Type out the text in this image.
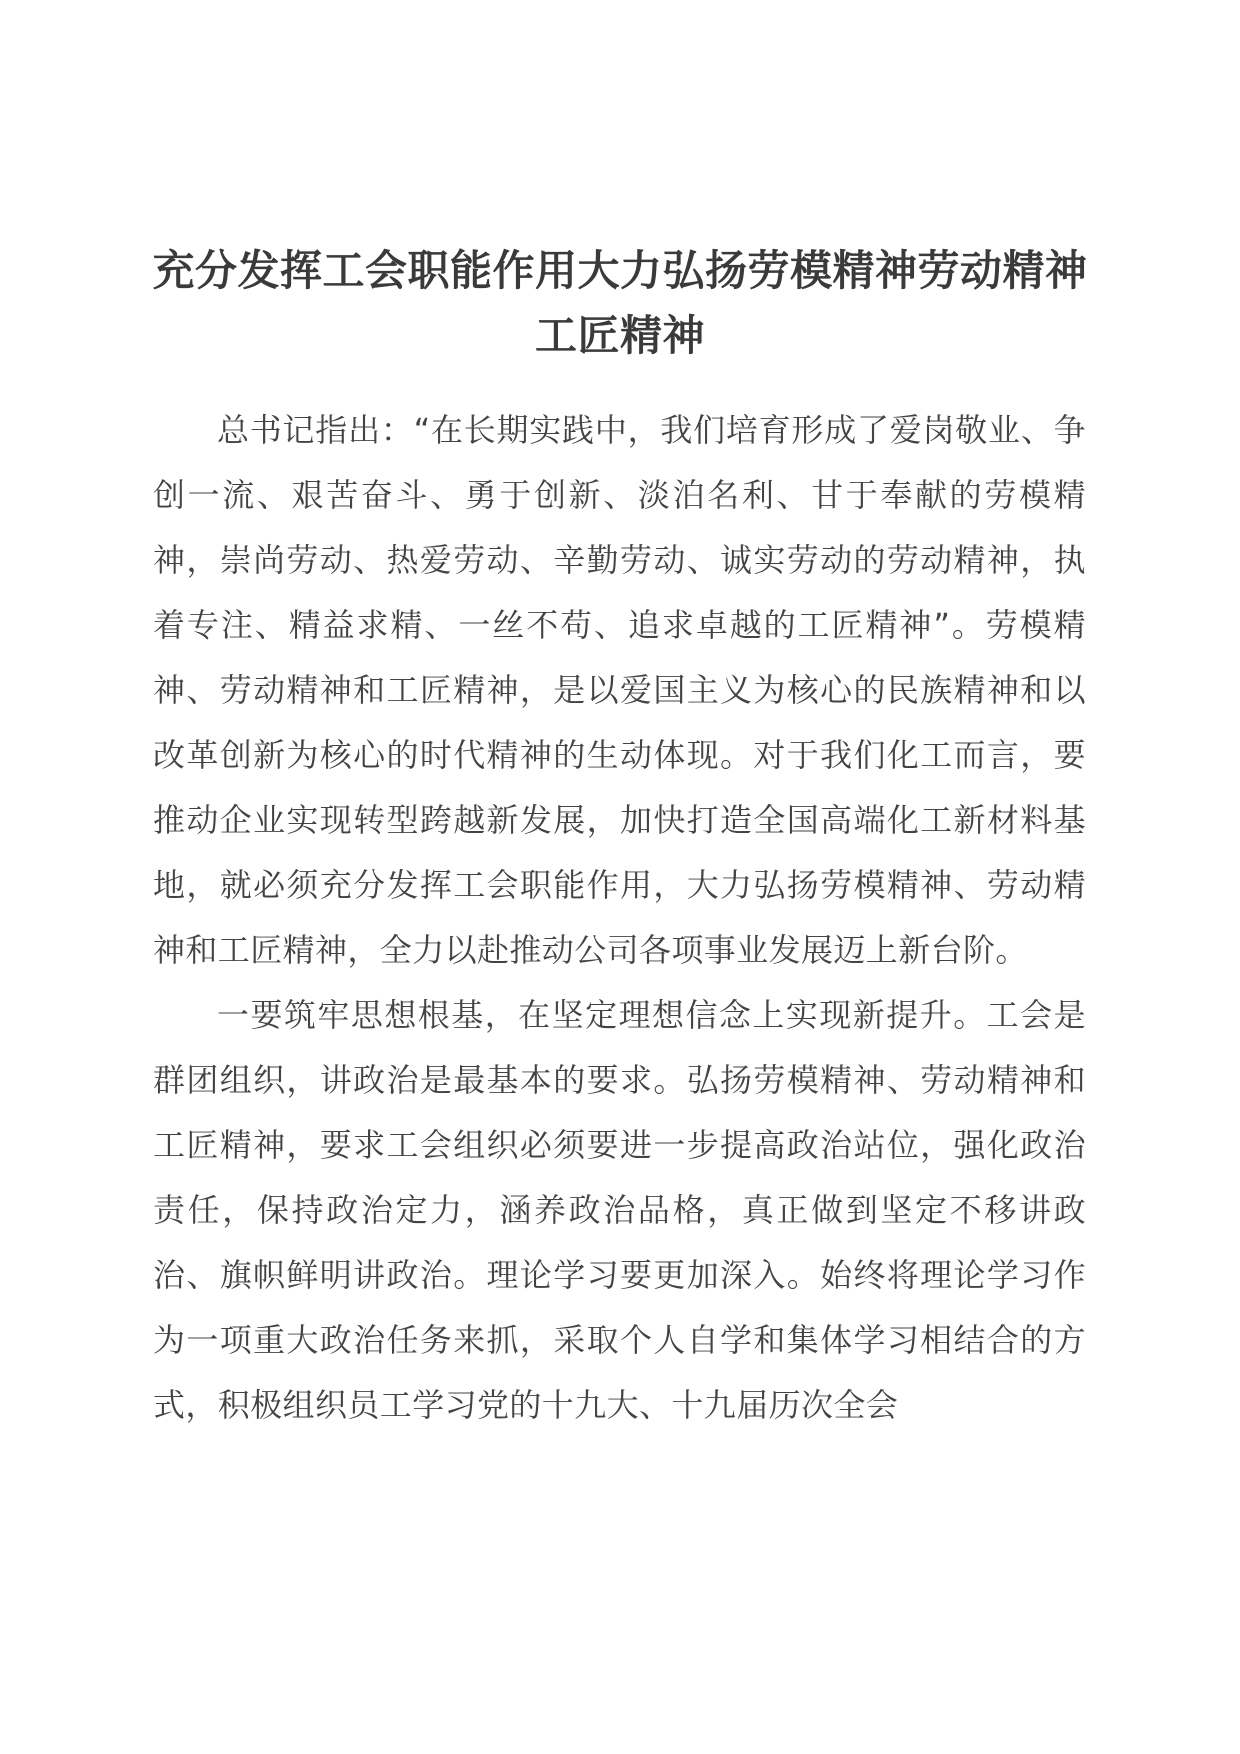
充分发挥工会职能作用大力弘扬劳模精神劳动精神工匠精神

总书记指出：“在长期实践中，我们培育形成了爱岗敬业、争创一流、艰苦奋斗、勇于创新、淡泊名利、甘于奉献的劳模精神，崇尚劳动、热爱劳动、辛勤劳动、诚实劳动的劳动精神，执着专注、精益求精、一丝不苟、追求卓越的工匠精神”。劳模精神、劳动精神和工匠精神，是以爱国主义为核心的民族精神和以改革创新为核心的时代精神的生动体现。对于我们化工而言，要推动企业实现转型跨越新发展，加快打造全国高端化工新材料基地，就必须充分发挥工会职能作用，大力弘扬劳模精神、劳动精神和工匠精神，全力以赴推动公司各项事业发展迈上新台阶。

一要筑牢思想根基，在坚定理想信念上实现新提升。工会是群团组织，讲政治是最基本的要求。弘扬劳模精神、劳动精神和工匠精神，要求工会组织必须要进一步提高政治站位，强化政治责任，保持政治定力，涵养政治品格，真正做到坚定不移讲政治、旗帜鲜明讲政治。理论学习要更加深入。始终将理论学习作为一项重大政治任务来抓，采取个人自学和集体学习相结合的方式，积极组织员工学习党的十九大、十九届历次全会
